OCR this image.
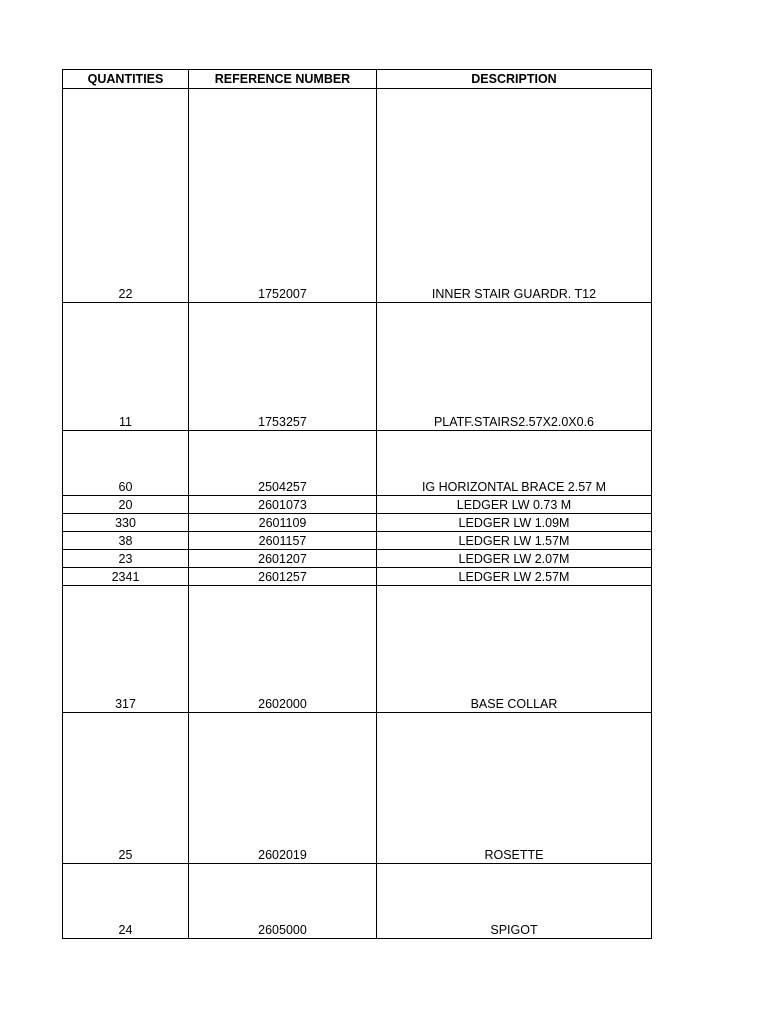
QUANTITIES	REFERENCE NUMBER	DESCRIPTION
22	1752007	INNER STAIR GUARDR. T12
11	1753257	PLATF.STAIRS2.57X2.0X0.6
60	2504257	IG HORIZONTAL BRACE 2.57 M
20	2601073	LEDGER LW 0.73 M
330	2601109	LEDGER LW 1.09M
38	2601157	LEDGER LW 1.57M
23	2601207	LEDGER LW 2.07M
2341	2601257	LEDGER LW 2.57M
317	2602000	BASE COLLAR
25	2602019	ROSETTE
24	2605000	SPIGOT
